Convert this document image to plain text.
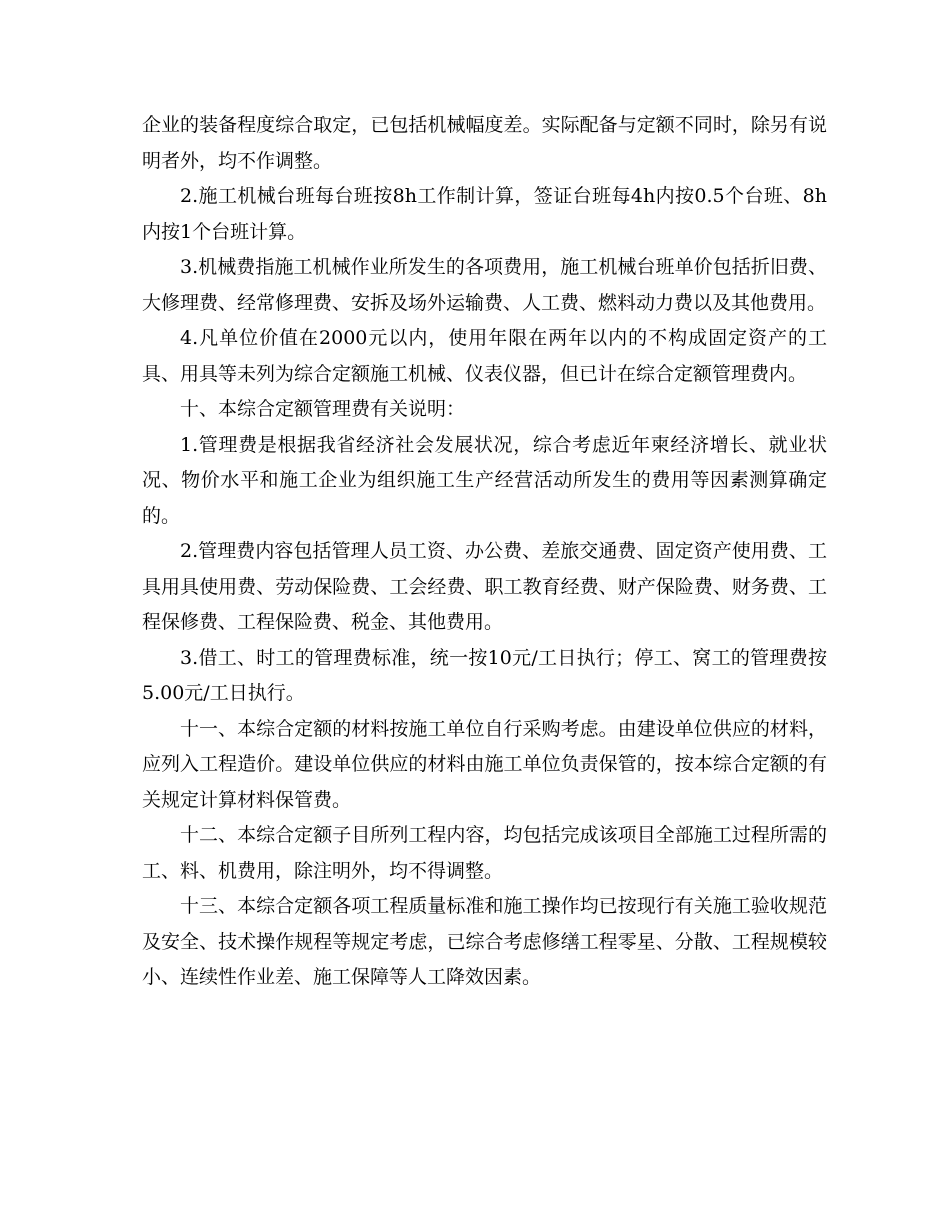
企业的装备程度综合取定，已包括机械幅度差。实际配备与定额不同时，除另有说明者外，均不作调整。

2.施工机械台班每台班按8h工作制计算，签证台班每4h内按0.5个台班、8h内按1个台班计算。

3.机械费指施工机械作业所发生的各项费用，施工机械台班单价包括折旧费、大修理费、经常修理费、安拆及场外运输费、人工费、燃料动力费以及其他费用。

4.凡单位价值在2000元以内，使用年限在两年以内的不构成固定资产的工具、用具等未列为综合定额施工机械、仪表仪器，但已计在综合定额管理费内。

十、本综合定额管理费有关说明：

1.管理费是根据我省经济社会发展状况，综合考虑近年柬经济增长、就业状况、物价水平和施工企业为组织施工生产经营活动所发生的费用等因素测算确定的。

2.管理费内容包括管理人员工资、办公费、差旅交通费、固定资产使用费、工具用具使用费、劳动保险费、工会经费、职工教育经费、财产保险费、财务费、工程保修费、工程保险费、税金、其他费用。

3.借工、时工的管理费标准，统一按10元/工日执行；停工、窝工的管理费按5.00元/工日执行。

十一、本综合定额的材料按施工单位自行采购考虑。由建设单位供应的材料，应列入工程造价。建设单位供应的材料由施工单位负责保管的，按本综合定额的有关规定计算材料保管费。

十二、本综合定额子目所列工程内容，均包括完成该项目全部施工过程所需的工、料、机费用，除注明外，均不得调整。

十三、本综合定额各项工程质量标准和施工操作均已按现行有关施工验收规范及安全、技术操作规程等规定考虑，已综合考虑修缮工程零星、分散、工程规模较小、连续性作业差、施工保障等人工降效因素。
